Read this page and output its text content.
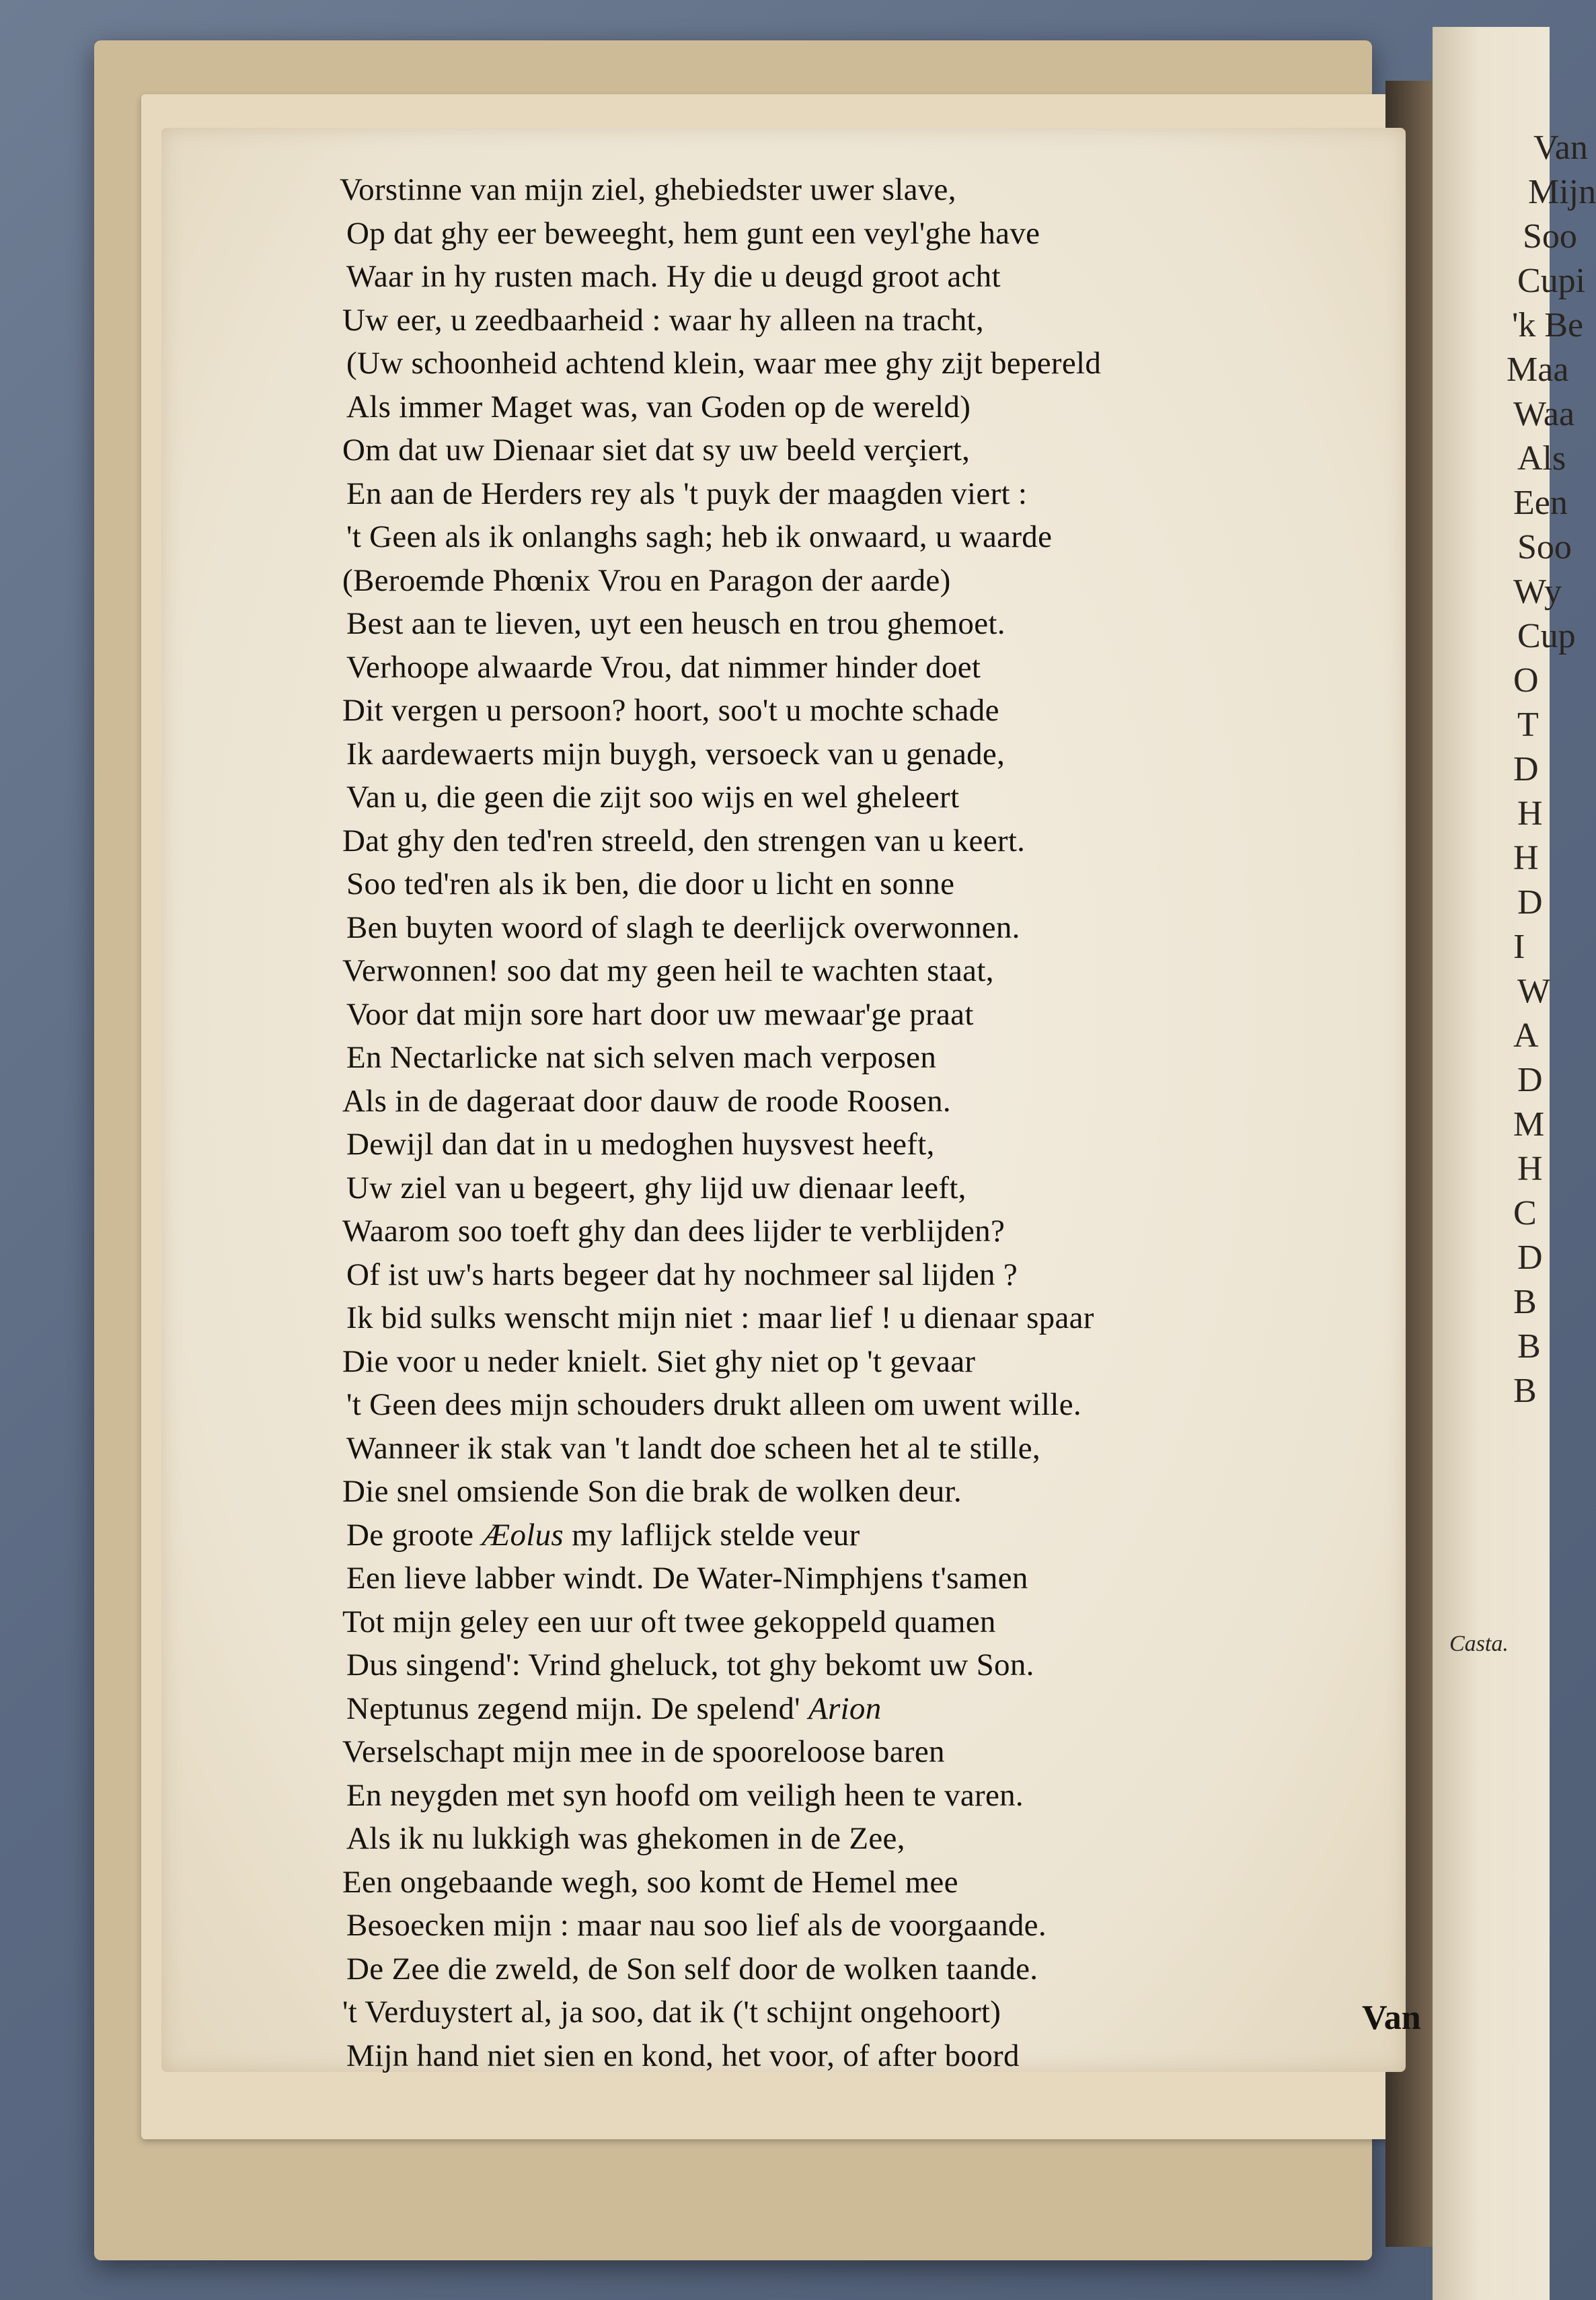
Van
Mijn
Soo
Cupi
'k Be
Maa
Waa
Als
Een
Soo
Wy
Cup
O
T
D
H
H
D
I
W
A
D
M
H
C
D
B
B
B
Casta.
Vorstinne van mijn ziel, ghebiedster uwer slave,
Op dat ghy eer beweeght, hem gunt een veyl'ghe have
Waar in hy rusten mach. Hy die u deugd groot acht
Uw eer, u zeedbaarheid : waar hy alleen na tracht,
(Uw schoonheid achtend klein, waar mee ghy zijt bepereld
Als immer Maget was, van Goden op de wereld)
Om dat uw Dienaar siet dat sy uw beeld verçiert,
En aan de Herders rey als 't puyk der maagden viert :
't Geen als ik onlanghs sagh; heb ik onwaard, u waarde
(Beroemde Phœnix Vrou en Paragon der aarde)
Best aan te lieven, uyt een heusch en trou ghemoet.
Verhoope alwaarde Vrou, dat nimmer hinder doet
Dit vergen u persoon? hoort, soo't u mochte schade
Ik aardewaerts mijn buygh, versoeck van u genade,
Van u, die geen die zijt soo wijs en wel gheleert
Dat ghy den ted'ren streeld, den strengen van u keert.
Soo ted'ren als ik ben, die door u licht en sonne
Ben buyten woord of slagh te deerlijck overwonnen.
Verwonnen! soo dat my geen heil te wachten staat,
Voor dat mijn sore hart door uw mewaar'ge praat
En Nectarlicke nat sich selven mach verposen
Als in de dageraat door dauw de roode Roosen.
Dewijl dan dat in u medoghen huysvest heeft,
Uw ziel van u begeert, ghy lijd uw dienaar leeft,
Waarom soo toeft ghy dan dees lijder te verblijden?
Of ist uw's harts begeer dat hy nochmeer sal lijden ?
Ik bid sulks wenscht mijn niet : maar lief ! u dienaar spaar
Die voor u neder knielt. Siet ghy niet op 't gevaar
't Geen dees mijn schouders drukt alleen om uwent wille.
Wanneer ik stak van 't landt doe scheen het al te stille,
Die snel omsiende Son die brak de wolken deur.
De groote Æolus my laflijck stelde veur
Een lieve labber windt. De Water-Nimphjens t'samen
Tot mijn geley een uur oft twee gekoppeld quamen
Dus singend': Vrind gheluck, tot ghy bekomt uw Son.
Neptunus zegend mijn. De spelend' Arion
Verselschapt mijn mee in de spooreloose baren
En neygden met syn hoofd om veiligh heen te varen.
Als ik nu lukkigh was ghekomen in de Zee,
Een ongebaande wegh, soo komt de Hemel mee
Besoecken mijn : maar nau soo lief als de voorgaande.
De Zee die zweld, de Son self door de wolken taande.
't Verduystert al, ja soo, dat ik ('t schijnt ongehoort)
Mijn hand niet sien en kond, het voor, of after boord
Van
